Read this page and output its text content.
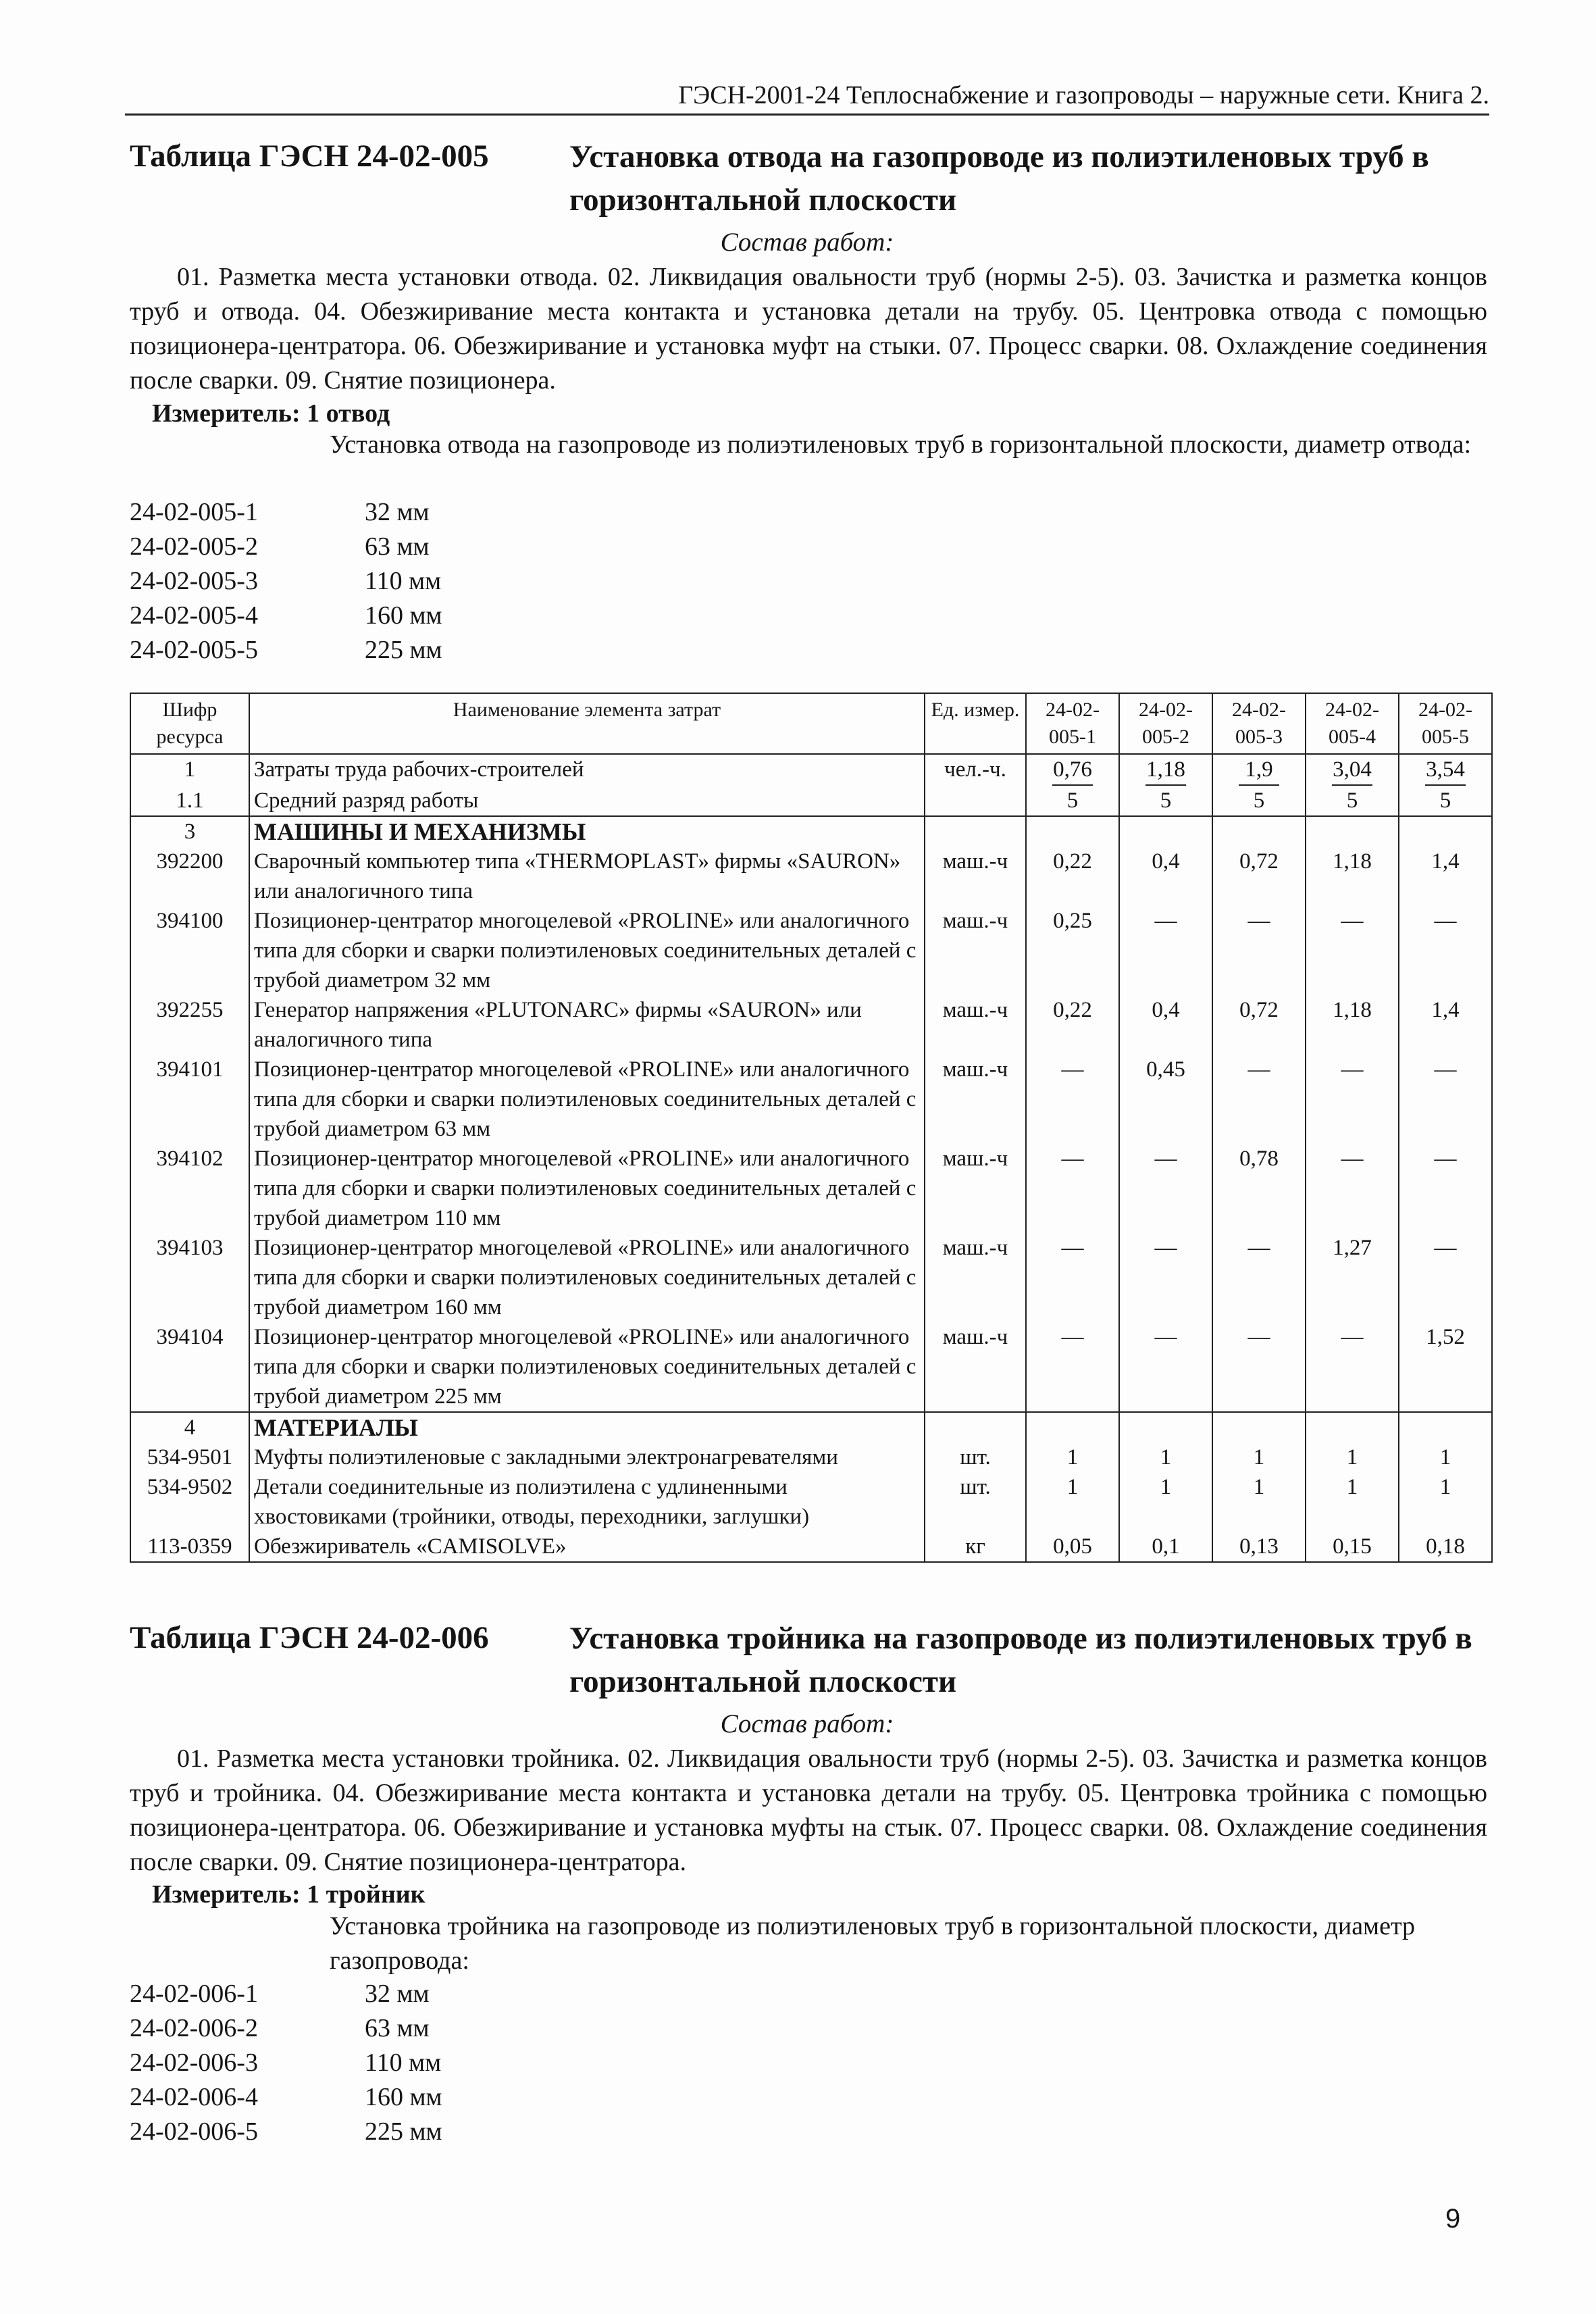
ГЭСН-2001-24 Теплоснабжение и газопроводы – наружные сети. Книга 2.
Таблица ГЭСН 24-02-005	Установка отвода на газопроводе из полиэтиленовых труб в горизонтальной плоскости
Состав работ:

01. Разметка места установки отвода. 02. Ликвидация овальности труб (нормы 2-5). 03. Зачистка и разметка концов труб и отвода. 04. Обезжиривание места контакта и установка детали на трубу. 05. Центровка отвода с помощью позиционера-центратора. 06. Обезжиривание и установка муфт на стыки. 07. Процесс сварки. 08. Охлаждение соединения после сварки. 09. Снятие позиционера.

Измеритель: 1 отвод

Установка отвода на газопроводе из полиэтиленовых труб в горизонтальной плоскости, диаметр отвода:

24-02-005-1	32 мм
24-02-005-2	63 мм
24-02-005-3	110 мм
24-02-005-4	160 мм
24-02-005-5	225 мм
Шифр ресурса	Наименование элемента затрат	Ед. измер.	24-02-005-1	24-02-005-2	24-02-005-3	24-02-005-4	24-02-005-5
1	Затраты труда рабочих-строителей	чел.-ч.	0,76	1,18	1,9	3,04	3,54
1.1	Средний разряд работы		5	5	5	5	5
3	МАШИНЫ И МЕХАНИЗМЫ						
392200	Сварочный компьютер типа «THERMOPLAST» фирмы «SAURON» или аналогичного типа	маш.-ч	0,22	0,4	0,72	1,18	1,4
394100	Позиционер-центратор многоцелевой «PROLINE» или аналогичного типа для сборки и сварки полиэтиленовых соединительных деталей с трубой диаметром 32 мм	маш.-ч	0,25	—	—	—	—
392255	Генератор напряжения «PLUTONARC» фирмы «SAURON» или аналогичного типа	маш.-ч	0,22	0,4	0,72	1,18	1,4
394101	Позиционер-центратор многоцелевой «PROLINE» или аналогичного типа для сборки и сварки полиэтиленовых соединительных деталей с трубой диаметром 63 мм	маш.-ч	—	0,45	—	—	—
394102	Позиционер-центратор многоцелевой «PROLINE» или аналогичного типа для сборки и сварки полиэтиленовых соединительных деталей с трубой диаметром 110 мм	маш.-ч	—	—	0,78	—	—
394103	Позиционер-центратор многоцелевой «PROLINE» или аналогичного типа для сборки и сварки полиэтиленовых соединительных деталей с трубой диаметром 160 мм	маш.-ч	—	—	—	1,27	—
394104	Позиционер-центратор многоцелевой «PROLINE» или аналогичного типа для сборки и сварки полиэтиленовых соединительных деталей с трубой диаметром 225 мм	маш.-ч	—	—	—	—	1,52
4	МАТЕРИАЛЫ						
534-9501	Муфты полиэтиленовые с закладными электронагревателями	шт.	1	1	1	1	1
534-9502	Детали соединительные из полиэтилена с удлиненными хвостовиками (тройники, отводы, переходники, заглушки)	шт.	1	1	1	1	1
113-0359	Обезжириватель «CAMISOLVE»	кг	0,05	0,1	0,13	0,15	0,18
Таблица ГЭСН 24-02-006	Установка тройника на газопроводе из полиэтиленовых труб в горизонтальной плоскости
Состав работ:

01. Разметка места установки тройника. 02. Ликвидация овальности труб (нормы 2-5). 03. Зачистка и разметка концов труб и тройника. 04. Обезжиривание места контакта и установка детали на трубу. 05. Центровка тройника с помощью позиционера-центратора. 06. Обезжиривание и установка муфты на стык. 07. Процесс сварки. 08. Охлаждение соединения после сварки. 09. Снятие позиционера-центратора.

Измеритель: 1 тройник

Установка тройника на газопроводе из полиэтиленовых труб в горизонтальной плоскости, диаметр газопровода:

24-02-006-1	32 мм
24-02-006-2	63 мм
24-02-006-3	110 мм
24-02-006-4	160 мм
24-02-006-5	225 мм
9
